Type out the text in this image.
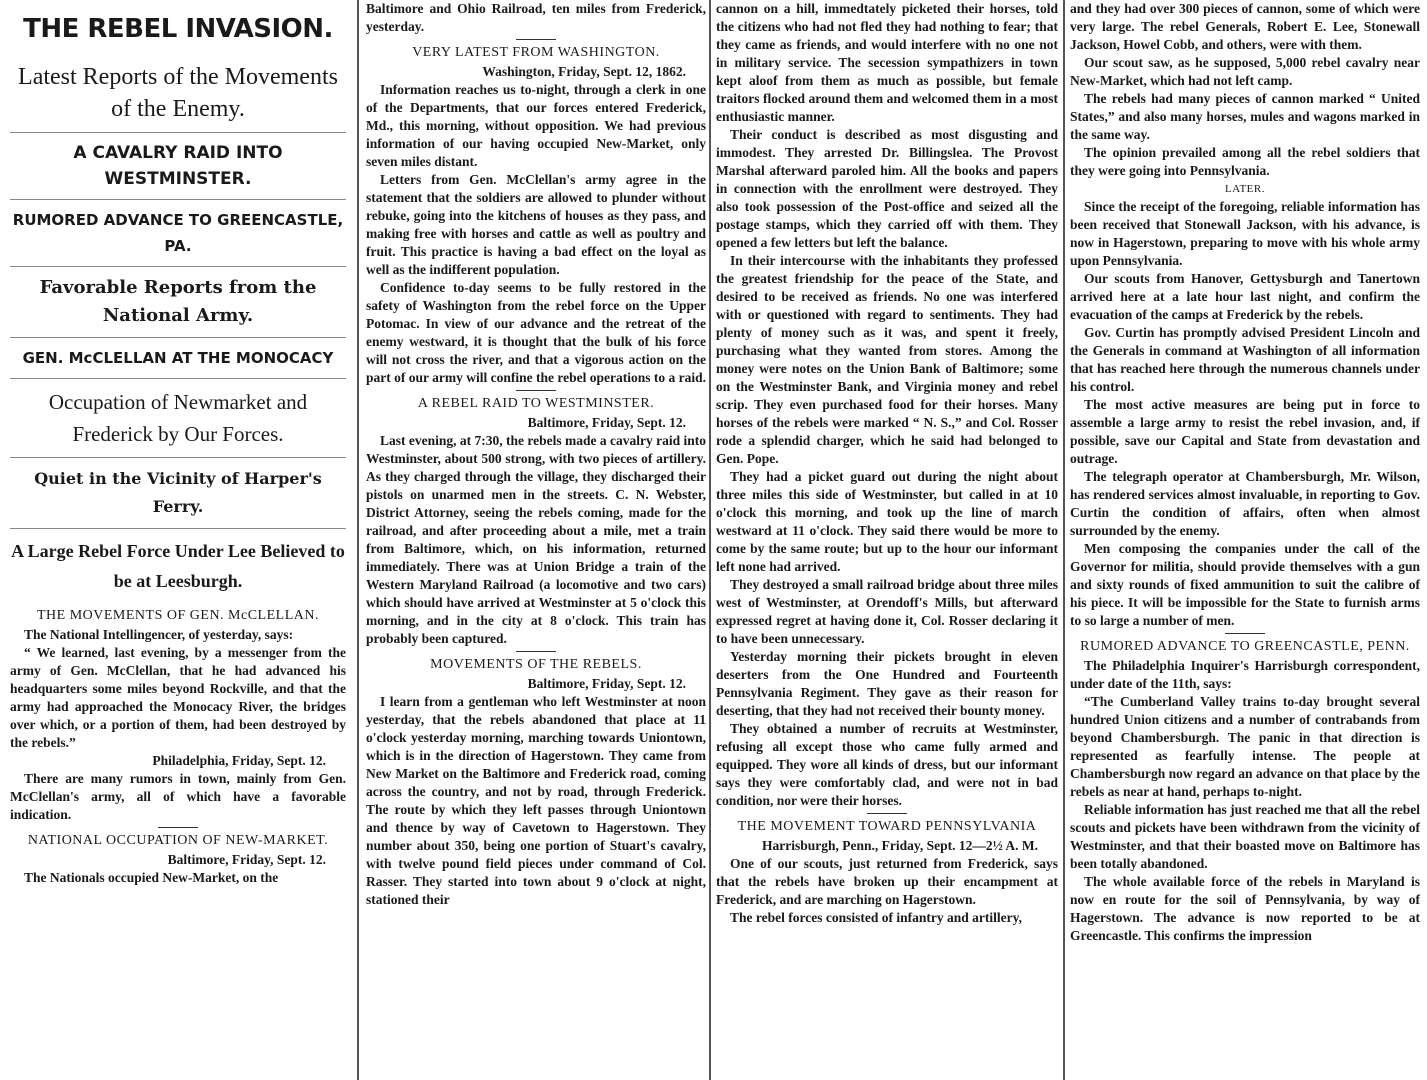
THE REBEL INVASION.
Latest Reports of the Movements of the Enemy.
A CAVALRY RAID INTO WESTMINSTER.
RUMORED ADVANCE TO GREENCASTLE, PA.
Favorable Reports from the National Army.
GEN. McCLELLAN AT THE MONOCACY
Occupation of Newmarket and Frederick by Our Forces.
Quiet in the Vicinity of Harper's Ferry.
A Large Rebel Force Under Lee Believed to be at Leesburgh.
THE MOVEMENTS OF GEN. McCLELLAN.

The National Intellingencer, of yesterday, says:

“ We learned, last evening, by a messenger from the army of Gen. McClellan, that he had advanced his headquarters some miles beyond Rockville, and that the army had approached the Monocacy River, the bridges over which, or a portion of them, had been destroyed by the rebels.”

Philadelphia, Friday, Sept. 12.

There are many rumors in town, mainly from Gen. McClellan's army, all of which have a favorable indication.

NATIONAL OCCUPATION OF NEW-MARKET.

Baltimore, Friday, Sept. 12.

The Nationals occupied New-Market, on the

Baltimore and Ohio Railroad, ten miles from Frederick, yesterday.

VERY LATEST FROM WASHINGTON.

Washington, Friday, Sept. 12, 1862.

Information reaches us to-night, through a clerk in one of the Departments, that our forces entered Frederick, Md., this morning, without opposition. We had previous information of our having occupied New-Market, only seven miles distant.

Letters from Gen. McClellan's army agree in the statement that the soldiers are allowed to plunder without rebuke, going into the kitchens of houses as they pass, and making free with horses and cattle as well as poultry and fruit. This practice is having a bad effect on the loyal as well as the indifferent population.

Confidence to-day seems to be fully restored in the safety of Washington from the rebel force on the Upper Potomac. In view of our advance and the retreat of the enemy westward, it is thought that the bulk of his force will not cross the river, and that a vigorous action on the part of our army will confine the rebel operations to a raid.

A REBEL RAID TO WESTMINSTER.

Baltimore, Friday, Sept. 12.

Last evening, at 7:30, the rebels made a cavalry raid into Westminster, about 500 strong, with two pieces of artillery. As they charged through the village, they discharged their pistols on unarmed men in the streets. C. N. Webster, District Attorney, seeing the rebels coming, made for the railroad, and after proceeding about a mile, met a train from Baltimore, which, on his information, returned immediately. There was at Union Bridge a train of the Western Maryland Railroad (a locomotive and two cars) which should have arrived at Westminster at 5 o'clock this morning, and in the city at 8 o'clock. This train has probably been captured.

MOVEMENTS OF THE REBELS.

Baltimore, Friday, Sept. 12.

I learn from a gentleman who left Westminster at noon yesterday, that the rebels abandoned that place at 11 o'clock yesterday morning, marching towards Uniontown, which is in the direction of Hagerstown. They came from New Market on the Baltimore and Frederick road, coming across the country, and not by road, through Frederick. The route by which they left passes through Uniontown and thence by way of Cavetown to Hagerstown. They number about 350, being one portion of Stuart's cavalry, with twelve pound field pieces under command of Col. Rasser. They started into town about 9 o'clock at night, stationed their

cannon on a hill, immedtately picketed their horses, told the citizens who had not fled they had nothing to fear; that they came as friends, and would interfere with no one not in military service. The secession sympathizers in town kept aloof from them as much as possible, but female traitors flocked around them and welcomed them in a most enthusiastic manner.

Their conduct is described as most disgusting and immodest. They arrested Dr. Billingslea. The Provost Marshal afterward paroled him. All the books and papers in connection with the enrollment were destroyed. They also took possession of the Post-office and seized all the postage stamps, which they carried off with them. They opened a few letters but left the balance.

In their intercourse with the inhabitants they professed the greatest friendship for the peace of the State, and desired to be received as friends. No one was interfered with or questioned with regard to sentiments. They had plenty of money such as it was, and spent it freely, purchasing what they wanted from stores. Among the money were notes on the Union Bank of Baltimore; some on the Westminster Bank, and Virginia money and rebel scrip. They even purchased food for their horses. Many horses of the rebels were marked “ N. S.,” and Col. Rosser rode a splendid charger, which he said had belonged to Gen. Pope.

They had a picket guard out during the night about three miles this side of Westminster, but called in at 10 o'clock this morning, and took up the line of march westward at 11 o'clock. They said there would be more to come by the same route; but up to the hour our informant left none had arrived.

They destroyed a small railroad bridge about three miles west of Westminster, at Orendoff's Mills, but afterward expressed regret at having done it, Col. Rosser declaring it to have been unnecessary.

Yesterday morning their pickets brought in eleven deserters from the One Hundred and Fourteenth Pennsylvania Regiment. They gave as their reason for deserting, that they had not received their bounty money.

They obtained a number of recruits at Westminster, refusing all except those who came fully armed and equipped. They wore all kinds of dress, but our informant says they were comfortably clad, and were not in bad condition, nor were their horses.

THE MOVEMENT TOWARD PENNSYLVANIA

Harrisburgh, Penn., Friday, Sept. 12—2½ A. M.

One of our scouts, just returned from Frederick, says that the rebels have broken up their encampment at Frederick, and are marching on Hagerstown.

The rebel forces consisted of infantry and artillery,

and they had over 300 pieces of cannon, some of which were very large. The rebel Generals, Robert E. Lee, Stonewall Jackson, Howel Cobb, and others, were with them.

Our scout saw, as he supposed, 5,000 rebel cavalry near New-Market, which had not left camp.

The rebels had many pieces of cannon marked “ United States,” and also many horses, mules and wagons marked in the same way.

The opinion prevailed among all the rebel soldiers that they were going into Pennsylvania.

LATER.

Since the receipt of the foregoing, reliable information has been received that Stonewall Jackson, with his advance, is now in Hagerstown, preparing to move with his whole army upon Pennsylvania.

Our scouts from Hanover, Gettysburgh and Tanertown arrived here at a late hour last night, and confirm the evacuation of the camps at Frederick by the rebels.

Gov. Curtin has promptly advised President Lincoln and the Generals in command at Washington of all information that has reached here through the numerous channels under his control.

The most active measures are being put in force to assemble a large army to resist the rebel invasion, and, if possible, save our Capital and State from devastation and outrage.

The telegraph operator at Chambersburgh, Mr. Wilson, has rendered services almost invaluable, in reporting to Gov. Curtin the condition of affairs, often when almost surrounded by the enemy.

Men composing the companies under the call of the Governor for militia, should provide themselves with a gun and sixty rounds of fixed ammunition to suit the calibre of his piece. It will be impossible for the State to furnish arms to so large a number of men.

RUMORED ADVANCE TO GREENCASTLE, PENN.

The Philadelphia Inquirer's Harrisburgh correspondent, under date of the 11th, says:

“The Cumberland Valley trains to-day brought several hundred Union citizens and a number of contrabands from beyond Chambersburgh. The panic in that direction is represented as fearfully intense. The people at Chambersburgh now regard an advance on that place by the rebels as near at hand, perhaps to-night.

Reliable information has just reached me that all the rebel scouts and pickets have been withdrawn from the vicinity of Westminster, and that their boasted move on Baltimore has been totally abandoned.

The whole available force of the rebels in Maryland is now en route for the soil of Pennsylvania, by way of Hagerstown. The advance is now reported to be at Greencastle. This confirms the impression
